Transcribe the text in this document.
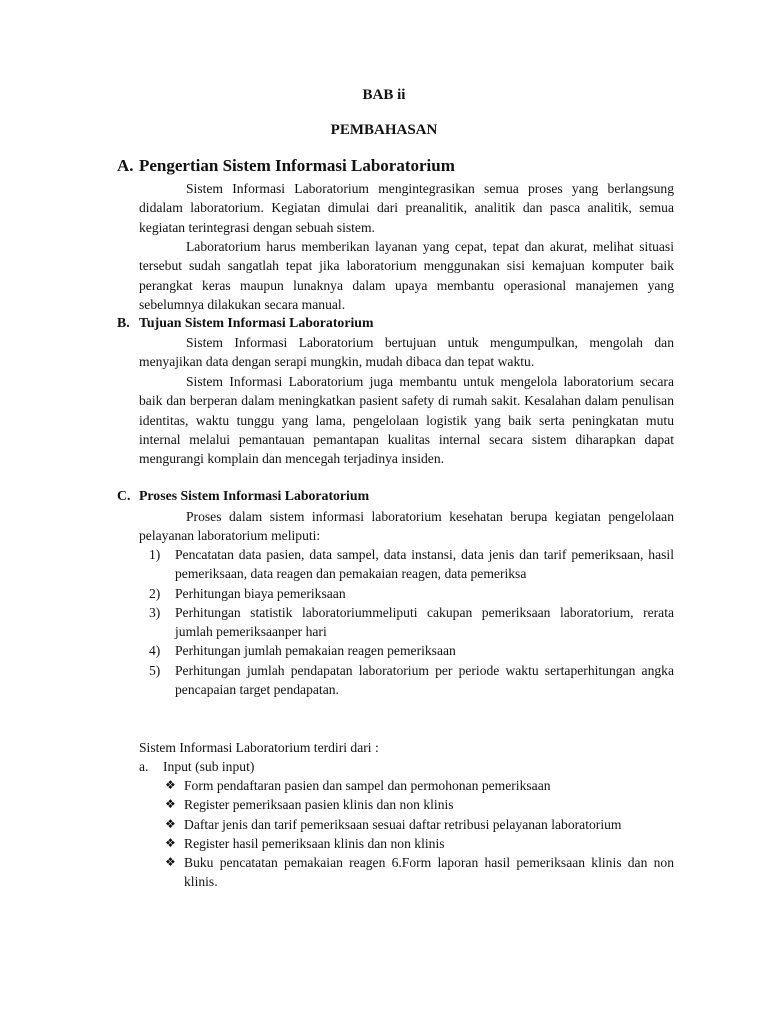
BAB ii
PEMBAHASAN
A. Pengertian Sistem Informasi Laboratorium

Sistem Informasi Laboratorium mengintegrasikan semua proses yang berlangsung didalam laboratorium. Kegiatan dimulai dari preanalitik, analitik dan pasca analitik, semua kegiatan terintegrasi dengan sebuah sistem.

Laboratorium harus memberikan layanan yang cepat, tepat dan akurat, melihat situasi tersebut sudah sangatlah tepat jika laboratorium menggunakan sisi kemajuan komputer baik perangkat keras maupun lunaknya dalam upaya membantu operasional manajemen yang sebelumnya dilakukan secara manual.

B. Tujuan Sistem Informasi Laboratorium

Sistem Informasi Laboratorium bertujuan untuk mengumpulkan, mengolah dan menyajikan data dengan serapi mungkin, mudah dibaca dan tepat waktu.

Sistem Informasi Laboratorium juga membantu untuk mengelola laboratorium secara baik dan berperan dalam meningkatkan pasient safety di rumah sakit. Kesalahan dalam penulisan identitas, waktu tunggu yang lama, pengelolaan logistik yang baik serta peningkatan mutu internal melalui pemantauan pemantapan kualitas internal secara sistem diharapkan dapat mengurangi komplain dan mencegah terjadinya insiden.

C. Proses Sistem Informasi Laboratorium

Proses dalam sistem informasi laboratorium kesehatan berupa kegiatan pengelolaan pelayanan laboratorium meliputi:

1) Pencatatan data pasien, data sampel, data instansi, data jenis dan tarif pemeriksaan, hasil pemeriksaan, data reagen dan pemakaian reagen, data pemeriksa
2) Perhitungan biaya pemeriksaan
3) Perhitungan statistik laboratoriummeliputi cakupan pemeriksaan laboratorium, rerata jumlah pemeriksaanper hari
4) Perhitungan jumlah pemakaian reagen pemeriksaan
5) Perhitungan jumlah pendapatan laboratorium per periode waktu sertaperhitungan angka pencapaian target pendapatan.
Sistem Informasi Laboratorium terdiri dari :
a. Input (sub input)
❖ Form pendaftaran pasien dan sampel dan permohonan pemeriksaan
❖ Register pemeriksaan pasien klinis dan non klinis
❖ Daftar jenis dan tarif pemeriksaan sesuai daftar retribusi pelayanan laboratorium
❖ Register hasil pemeriksaan klinis dan non klinis
❖ Buku pencatatan pemakaian reagen 6.Form laporan hasil pemeriksaan klinis dan non klinis.
